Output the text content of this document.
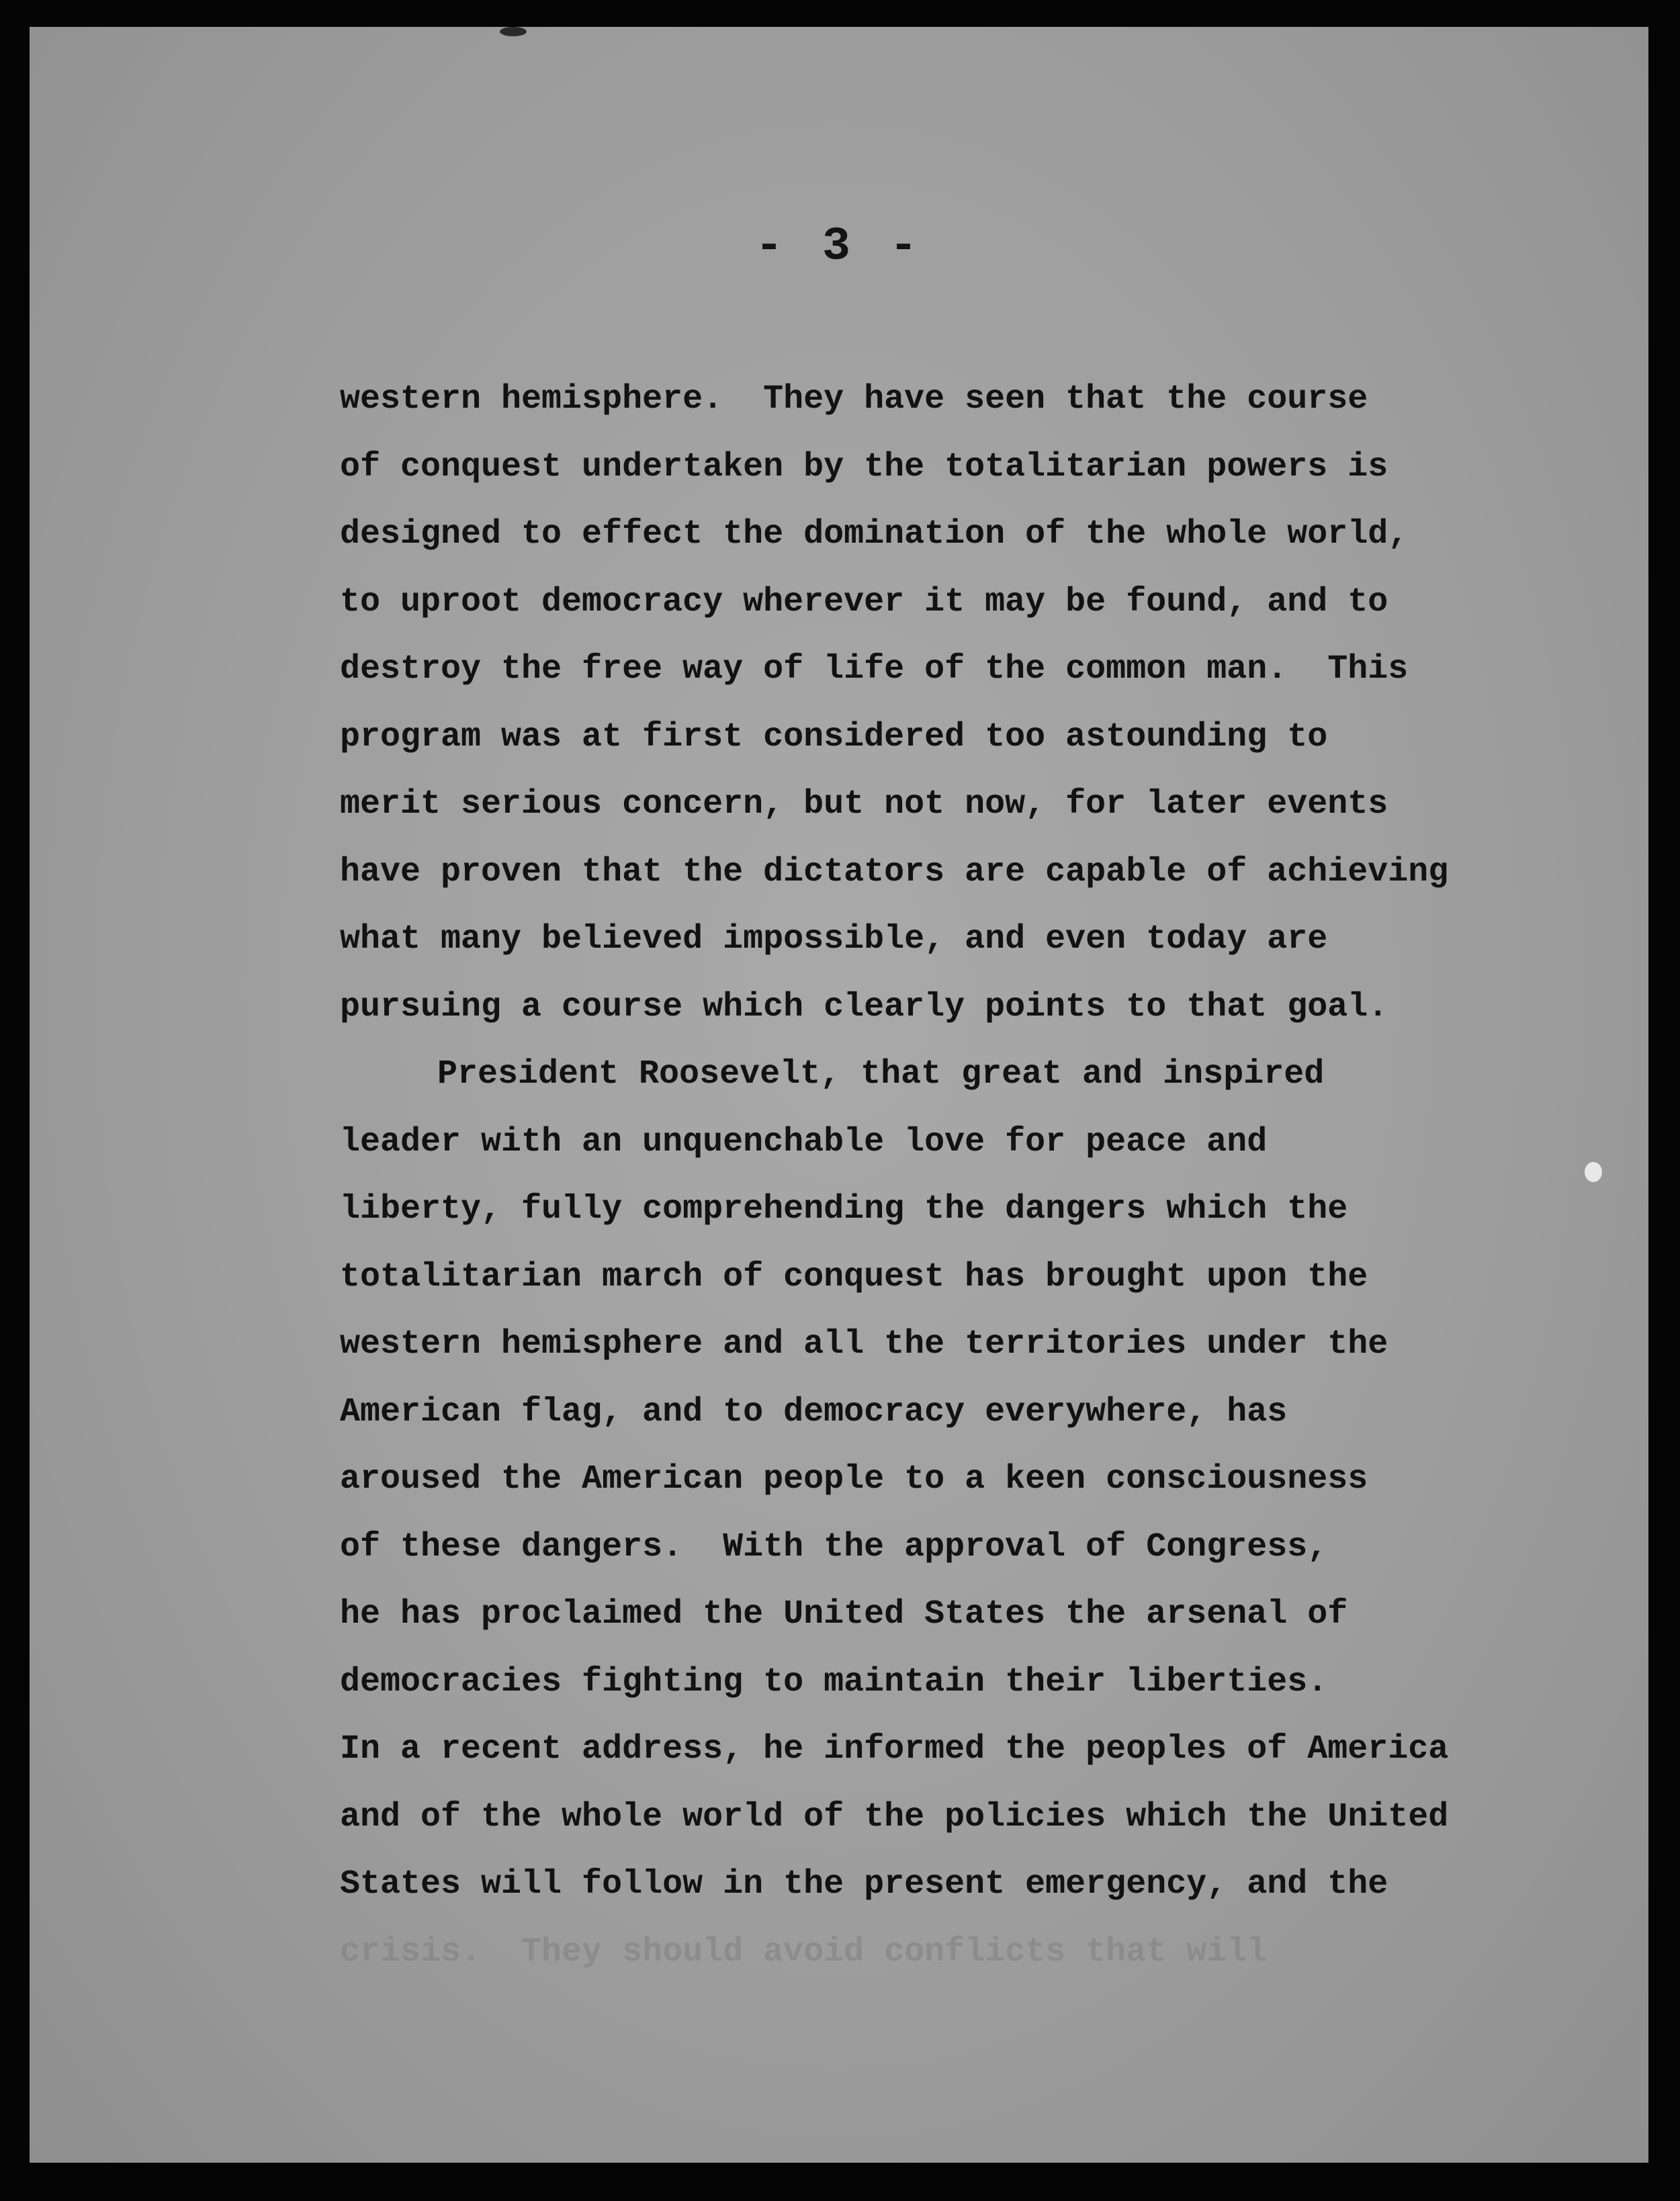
- 3 -
western hemisphere.  They have seen that the course
of conquest undertaken by the totalitarian powers is
designed to effect the domination of the whole world,
to uproot democracy wherever it may be found, and to
destroy the free way of life of the common man.  This
program was at first considered too astounding to
merit serious concern, but not now, for later events
have proven that the dictators are capable of achieving
what many believed impossible, and even today are
pursuing a course which clearly points to that goal.
President Roosevelt, that great and inspired
leader with an unquenchable love for peace and
liberty, fully comprehending the dangers which the
totalitarian march of conquest has brought upon the
western hemisphere and all the territories under the
American flag, and to democracy everywhere, has
aroused the American people to a keen consciousness
of these dangers.  With the approval of Congress,
he has proclaimed the United States the arsenal of
democracies fighting to maintain their liberties.
In a recent address, he informed the peoples of America
and of the whole world of the policies which the United
States will follow in the present emergency, and the
crisis.  They should avoid conflicts that will
